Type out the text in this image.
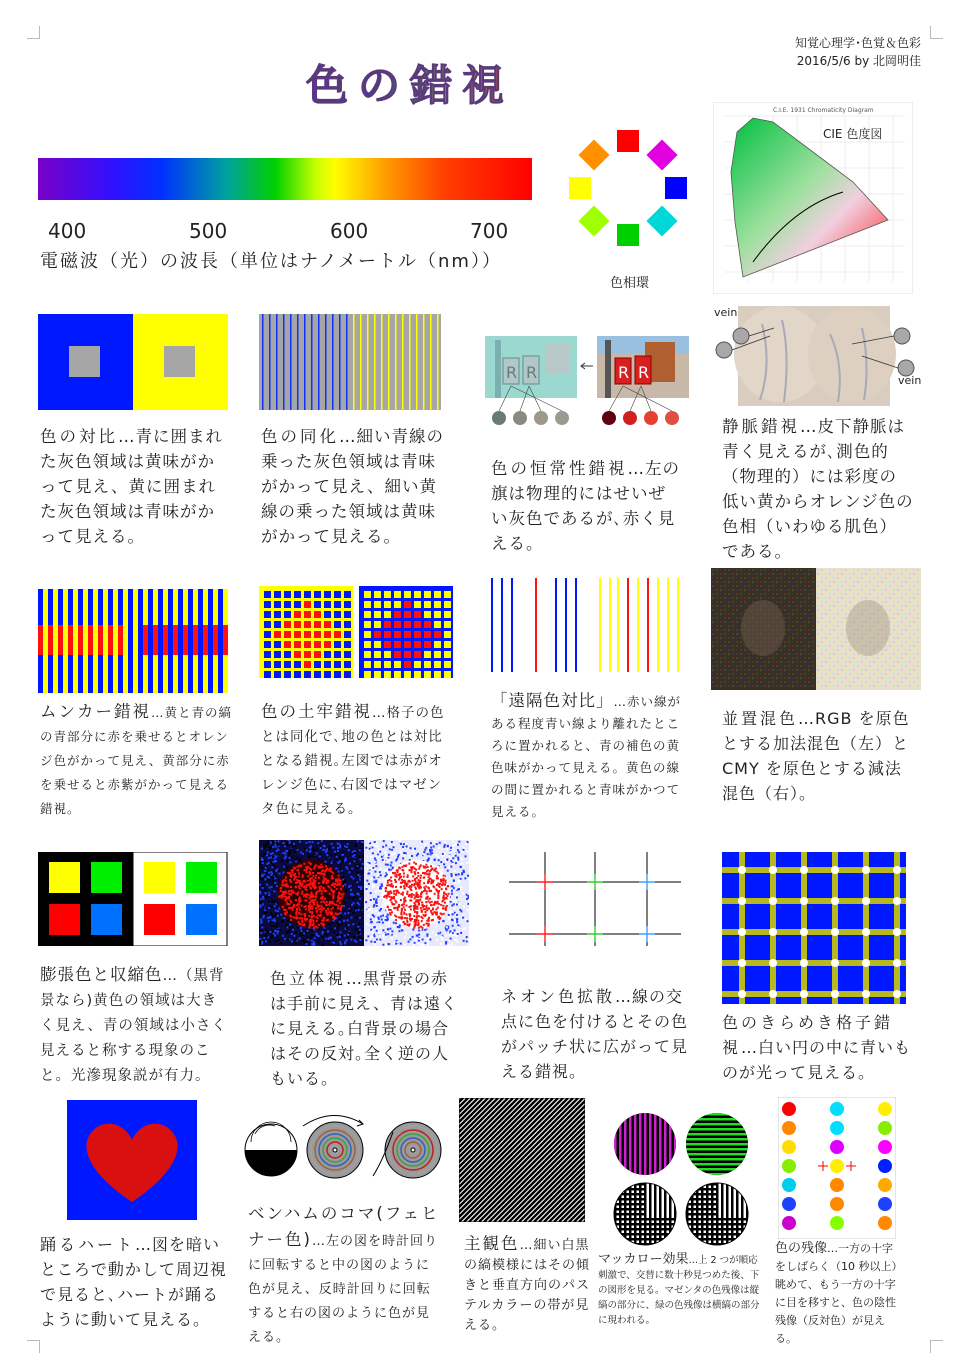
知覚心理学･色覚＆色彩
2016/5/6 by 北岡明佳
色の錯視
400	500	600	700
電磁波（光）の波長（単位はナノメートル（nm））
色相環
C.I.E. 1931 Chromaticity Diagram
CIE 色度図
R R	R R
vein
vein
色の対比…青に囲まれた灰色領域は黄味がかって見え、黄に囲まれた灰色領域は青味がかって見える。
色の同化…細い青線の乗った灰色領域は青味がかって見え、細い黄線の乗った領域は黄味がかって見える。
色の恒常性錯視…左の旗は物理的にはせいぜい灰色であるが､赤く見える。
静脈錯視…皮下静脈は青く見えるが､測色的（物理的）には彩度の低い黄からオレンジ色の色相（いわゆる肌色）である。
ムンカー錯視…黄と青の縞の青部分に赤を乗せるとオレンジ色がかって見え、黄部分に赤を乗せると赤紫がかって見える錯視。
色の土牢錯視…格子の色とは同化で､地の色とは対比となる錯視｡左図では赤がオレンジ色に､右図ではマゼンタ色に見える。
「遠隔色対比」…赤い線がある程度青い線より離れたところに置かれると、青の補色の黄色味がかって見える。黄色の線の間に置かれると青味がかつて見える。
並置混色…RGB を原色とする加法混色（左）と CMY を原色とする減法混色（右）。
膨張色と収縮色…（黒背景なら)黄色の領域は大きく見え、青の領域は小さく見えると称する現象のこと。光滲現象説が有力。
色立体視…黒背景の赤は手前に見え、青は遠くに見える｡白背景の場合はその反対｡全く逆の人もいる。
ネオン色拡散…線の交点に色を付けるとその色がパッチ状に広がって見える錯視。
色のきらめき格子錯視…白い円の中に青いものが光って見える。
踊るハート…図を暗いところで動かして周辺視で見ると､ハートが踊るように動いて見える。
ベンハムのコマ(フェヒナー色)…左の図を時計回りに回転すると中の図のように色が見え、反時計回りに回転すると右の図のように色が見える。
主観色…細い白黒の縞模様にはその傾きと垂直方向のパステルカラーの帯が見える。
マッカロー効果…上 2 つが順応刺激で、交替に数十秒見つめた後、下の図形を見る。マゼンタの色残像は縦縞の部分に、緑の色残像は横縞の部分に現われる。
色の残像…一方の十字をしばらく（10 秒以上）眺めて、もう一方の十字に目を移すと、色の陰性残像（反対色）が見える。
